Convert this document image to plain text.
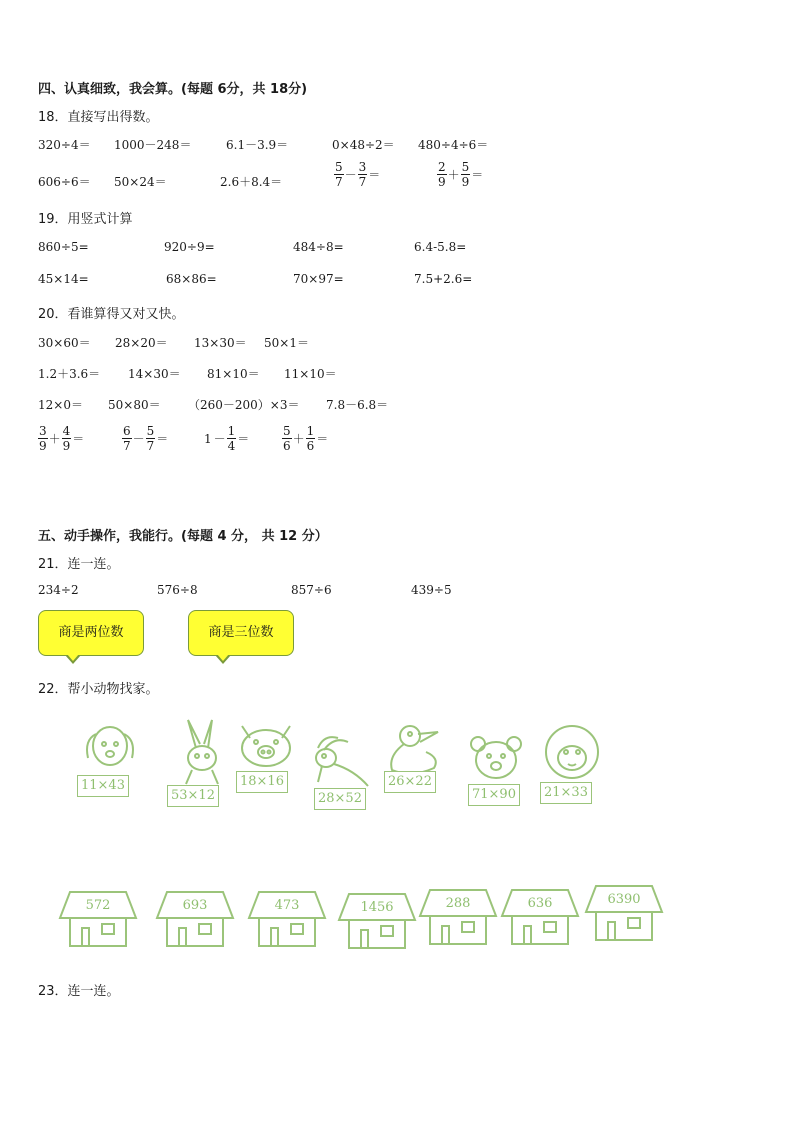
四、认真细致，我会算。(每题 6分，共 18分)
18．直接写出得数。
320÷4＝ 1000－248＝	6.1－3.9＝	0×48÷2＝ 480÷4÷6＝
606÷6＝ 50×24＝	2.6＋8.4＝	$\frac{5}{7} - \frac{3}{7}$ ＝	$\frac{2}{9} + \frac{5}{9}$ ＝
19．用竖式计算
860÷5=	920÷9=	484÷8=	6.4-5.8=
45×14=	68×86=	70×97=	7.5+2.6=
20．看谁算得又对又快。
30×60＝ 28×20＝ 13×30＝ 50×1＝
1.2＋3.6＝ 14×30＝ 81×10＝ 11×10＝
12×0＝ 50×80＝ （260－200）×3＝ 7.8－6.8＝
$\frac{3}{9} + \frac{4}{9}$ ＝	$\frac{6}{7} - \frac{5}{7}$ ＝	$1 - \frac{1}{4}$ ＝	$\frac{5}{6} + \frac{1}{6}$ ＝
五、动手操作，我能行。(每题 4 分， 共 12 分）
21．连一连。
234÷2	576÷8	857÷6	439÷5
商是两位数	商是三位数
22．帮小动物找家。
11×43
53×12
18×16
28×52
26×22
71×90	21×33
572	693	473	1456	288	636	6390
23．连一连。
